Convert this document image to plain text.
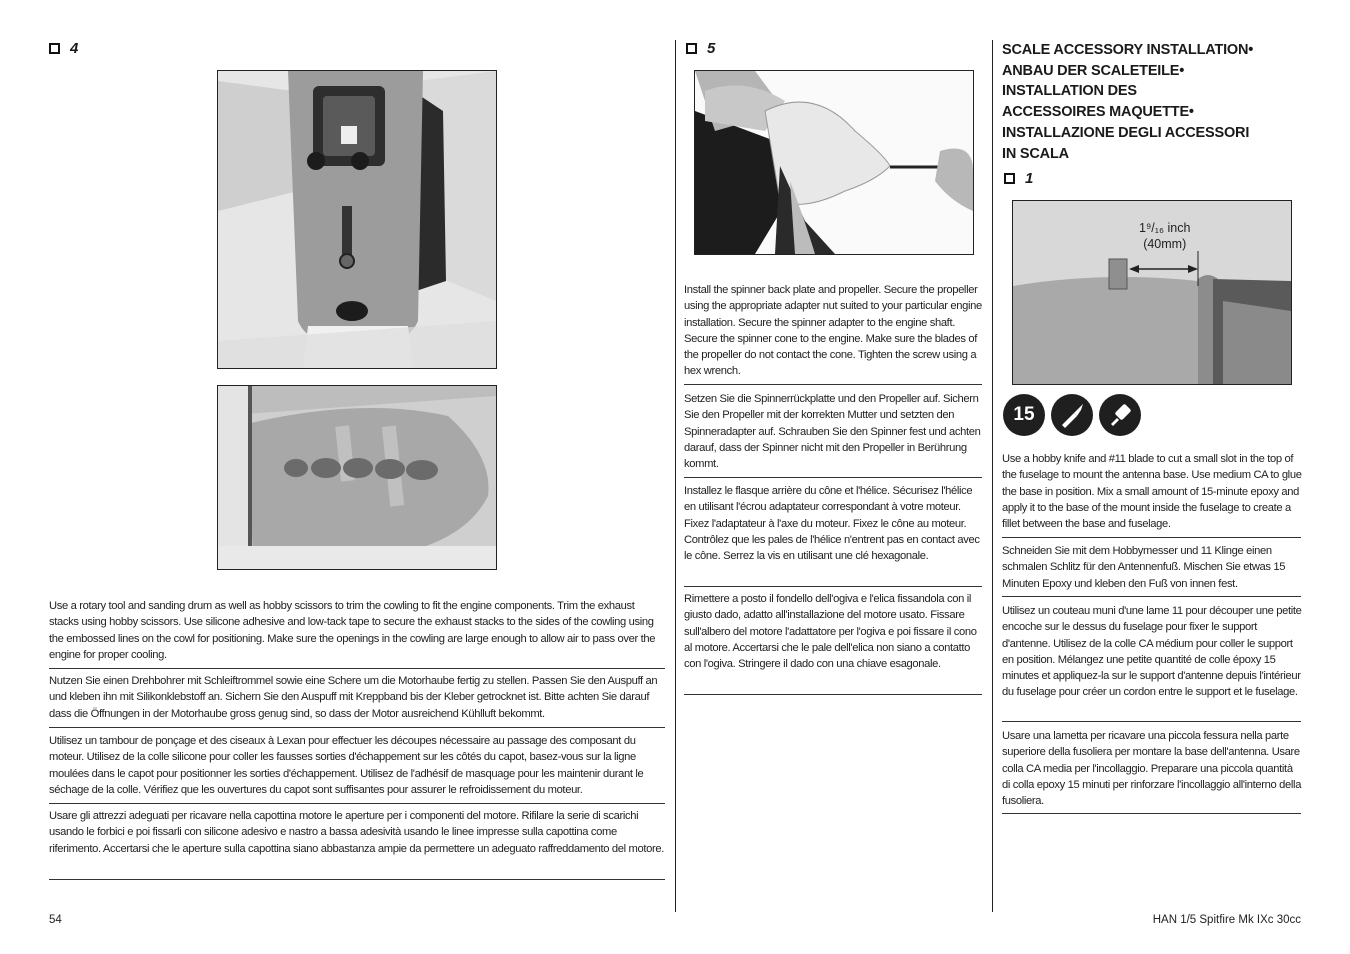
4
Use a rotary tool and sanding drum as well as hobby scissors to trim the cowling to fit the engine components. Trim the exhaust stacks using hobby scissors. Use silicone adhesive and low-tack tape to secure the exhaust stacks to the sides of the cowling using the embossed lines on the cowl for positioning. Make sure the openings in the cowling are large enough to allow air to pass over the engine for proper cooling.
Nutzen Sie einen Drehbohrer mit Schleiftrommel sowie eine Schere um die Motorhaube fertig zu stellen. Passen Sie den Auspuff an und kleben ihn mit Silikonklebstoff an. Sichern Sie den Auspuff mit Kreppband bis der Kleber getrocknet ist. Bitte achten Sie darauf dass die Öffnungen in der Motorhaube gross genug sind, so dass der Motor ausreichend Kühlluft bekommt.
Utilisez un tambour de ponçage et des ciseaux à Lexan pour effectuer les découpes nécessaire au passage des composant du moteur. Utilisez de la colle silicone pour coller les fausses sorties d'échappement sur les côtés du capot, basez-vous sur la ligne moulées dans le capot pour positionner les sorties d'échappement. Utilisez de l'adhésif de masquage pour les maintenir durant le séchage de la colle. Vérifiez que les ouvertures du capot sont suffisantes pour assurer le refroidissement du moteur.
Usare gli attrezzi adeguati per ricavare nella capottina motore le aperture per i componenti del motore. Rifilare la serie di scarichi usando le forbici e poi fissarli con silicone adesivo e nastro a bassa adesività usando le linee impresse sulla capottina come riferimento. Accertarsi che le aperture sulla capottina siano abbastanza ampie da permettere un adeguato raffreddamento del motore.
5
Install the spinner back plate and propeller. Secure the propeller using the appropriate adapter nut suited to your particular engine installation. Secure the spinner adapter to the engine shaft. Secure the spinner cone to the engine. Make sure the blades of the propeller do not contact the cone. Tighten the screw using a hex wrench.
Setzen Sie die Spinnerrückplatte und den Propeller auf. Sichern Sie den Propeller mit der korrekten Mutter und setzten den Spinneradapter auf. Schrauben Sie den Spinner fest und achten darauf, dass der Spinner nicht mit den Propeller in Berührung kommt.
Installez le flasque arrière du cône et l'hélice. Sécurisez l'hélice en utilisant l'écrou adaptateur correspondant à votre moteur. Fixez l'adaptateur à l'axe du moteur. Fixez le cône au moteur. Contrôlez que les pales de l'hélice n'entrent pas en contact avec le cône. Serrez la vis en utilisant une clé hexagonale.
Rimettere a posto il fondello dell'ogiva e l'elica fissandola con il giusto dado, adatto all'installazione del motore usato. Fissare sull'albero del motore l'adattatore per l'ogiva e poi fissare il cono al motore. Accertarsi che le pale dell'elica non siano a contatto con l'ogiva. Stringere il dado con una chiave esagonale.
SCALE ACCESSORY INSTALLATION•
ANBAU DER SCALETEILE•
INSTALLATION DES
ACCESSOIRES MAQUETTE•
INSTALLAZIONE DEGLI ACCESSORI
IN SCALA
1
1⁹/₁₆ inch
(40mm)
15
Use a hobby knife and #11 blade to cut a small slot in the top of the fuselage to mount the antenna base. Use medium CA to glue the base in position. Mix a small amount of 15-minute epoxy and apply it to the base of the mount inside the fuselage to create a fillet between the base and fuselage.
Schneiden Sie mit dem Hobbymesser und 11 Klinge einen schmalen Schlitz für den Antennenfuß. Mischen Sie etwas 15 Minuten Epoxy und kleben den Fuß von innen fest.
Utilisez un couteau muni d'une lame 11 pour découper une petite encoche sur le dessus du fuselage pour fixer le support d'antenne. Utilisez de la colle CA médium pour coller le support en position. Mélangez une petite quantité de colle époxy 15 minutes et appliquez-la sur le support d'antenne depuis l'intérieur du fuselage pour créer un cordon entre le support et le fuselage.
Usare una lametta per ricavare una piccola fessura nella parte superiore della fusoliera per montare la base dell'antenna. Usare colla CA media per l'incollaggio. Preparare una piccola quantità di colla epoxy 15 minuti per rinforzare l'incollaggio all'interno della fusoliera.
54	HAN 1/5 Spitfire Mk IXc 30cc
